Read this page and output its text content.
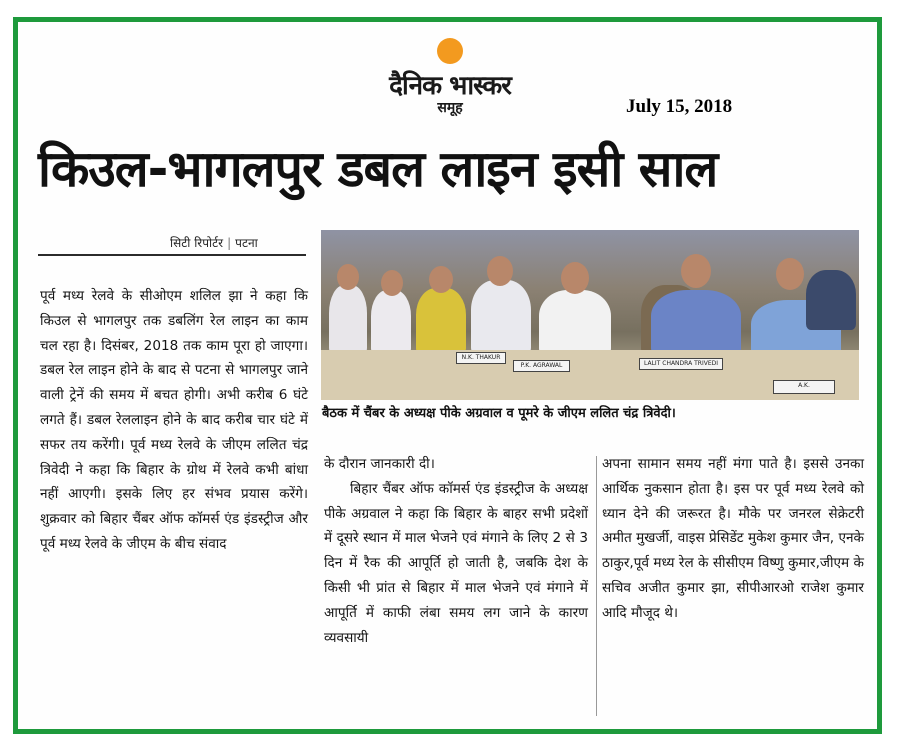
दैनिक भास्कर
समूह	July 15, 2018
किउल-भागलपुर डबल लाइन इसी साल
सिटी रिपोर्टर | पटना

पूर्व मध्य रेलवे के सीओएम शलिल झा ने कहा कि किउल से भागलपुर तक डबलिंग रेल लाइन का काम चल रहा है। दिसंबर, 2018 तक काम पूरा हो जाएगा। डबल रेल लाइन होने के बाद से पटना से भागलपुर जाने वाली ट्रेनें की समय में बचत होगी। अभी करीब 6 घंटे लगते हैं। डबल रेललाइन होने के बाद करीब चार घंटे में सफर तय करेंगी। पूर्व मध्य रेलवे के जीएम ललित चंद्र त्रिवेदी ने कहा कि बिहार के ग्रोथ में रेलवे कभी बांधा नहीं आएगी। इसके लिए हर संभव प्रयास करेंगे। शुक्रवार को बिहार चैंबर ऑफ कॉमर्स एंड इंडस्ट्रीज और पूर्व मध्य रेलवे के जीएम के बीच संवाद

N.K. THAKUR
P.K. AGRAWAL	LALIT CHANDRA TRIVEDI
A.K.
बैठक में चैंबर के अध्यक्ष पीके अग्रवाल व पूमरे के जीएम ललित चंद्र त्रिवेदी।

के दौरान जानकारी दी।

बिहार चैंबर ऑफ कॉमर्स एंड इंडस्ट्रीज के अध्यक्ष पीके अग्रवाल ने कहा कि बिहार के बाहर सभी प्रदेशों में दूसरे स्थान में माल भेजने एवं मंगाने के लिए 2 से 3 दिन में रैक की आपूर्ति हो जाती है, जबकि देश के किसी भी प्रांत से बिहार में माल भेजने एवं मंगाने में आपूर्ति में काफी लंबा समय लग जाने के कारण व्यवसायी

अपना सामान समय नहीं मंगा पाते है। इससे उनका आर्थिक नुकसान होता है। इस पर पूर्व मध्य रेलवे को ध्यान देने की जरूरत है। मौके पर जनरल सेक्रेटरी अमीत मुखर्जी, वाइस प्रेसिडेंट मुकेश कुमार जैन, एनके ठाकुर,पूर्व मध्य रेल के सीसीएम विष्णु कुमार,जीएम के सचिव अजीत कुमार झा, सीपीआरओ राजेश कुमार आदि मौजूद थे।
